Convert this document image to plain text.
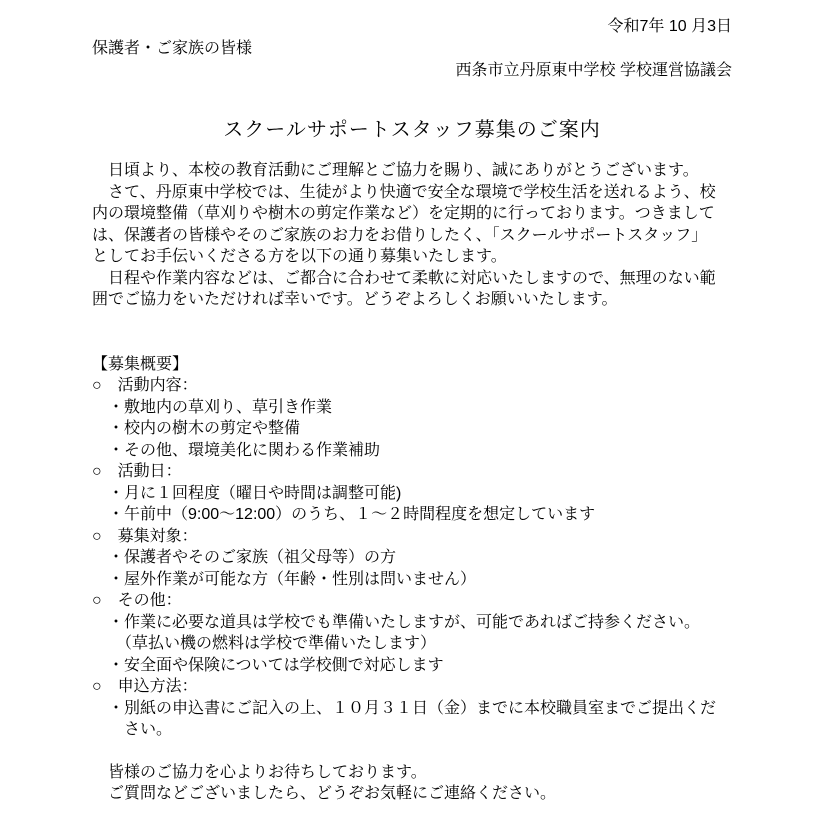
令和7年 10 月3日
保護者・ご家族の皆様
西条市立丹原東中学校 学校運営協議会
スクールサポートスタッフ募集のご案内
　日頃より、本校の教育活動にご理解とご協力を賜り、誠にありがとうございます。
　さて、丹原東中学校では、生徒がより快適で安全な環境で学校生活を送れるよう、校
内の環境整備（草刈りや樹木の剪定作業など）を定期的に行っております。つきまして
は、保護者の皆様やそのご家族のお力をお借りしたく、「スクールサポートスタッフ」
としてお手伝いくださる方を以下の通り募集いたします。
　日程や作業内容などは、ご都合に合わせて柔軟に対応いたしますので、無理のない範
囲でご協力をいただければ幸いです。どうぞよろしくお願いいたします。
【募集概要】
○　活動内容：
　・敷地内の草刈り、草引き作業
　・校内の樹木の剪定や整備
　・その他、環境美化に関わる作業補助
○　活動日：
　・月に１回程度（曜日や時間は調整可能)
　・午前中（9:00～12:00）のうち、１～２時間程度を想定しています
○　募集対象：
　・保護者やそのご家族（祖父母等）の方
　・屋外作業が可能な方（年齢・性別は問いません）
○　その他：
　・作業に必要な道具は学校でも準備いたしますが、可能であればご持参ください。
　　（草払い機の燃料は学校で準備いたします）
　・安全面や保険については学校側で対応します
○　申込方法：
　・別紙の申込書にご記入の上、１０月３１日（金）までに本校職員室までご提出くだ
　　さい。
　皆様のご協力を心よりお待ちしております。
　ご質問などございましたら、どうぞお気軽にご連絡ください。
